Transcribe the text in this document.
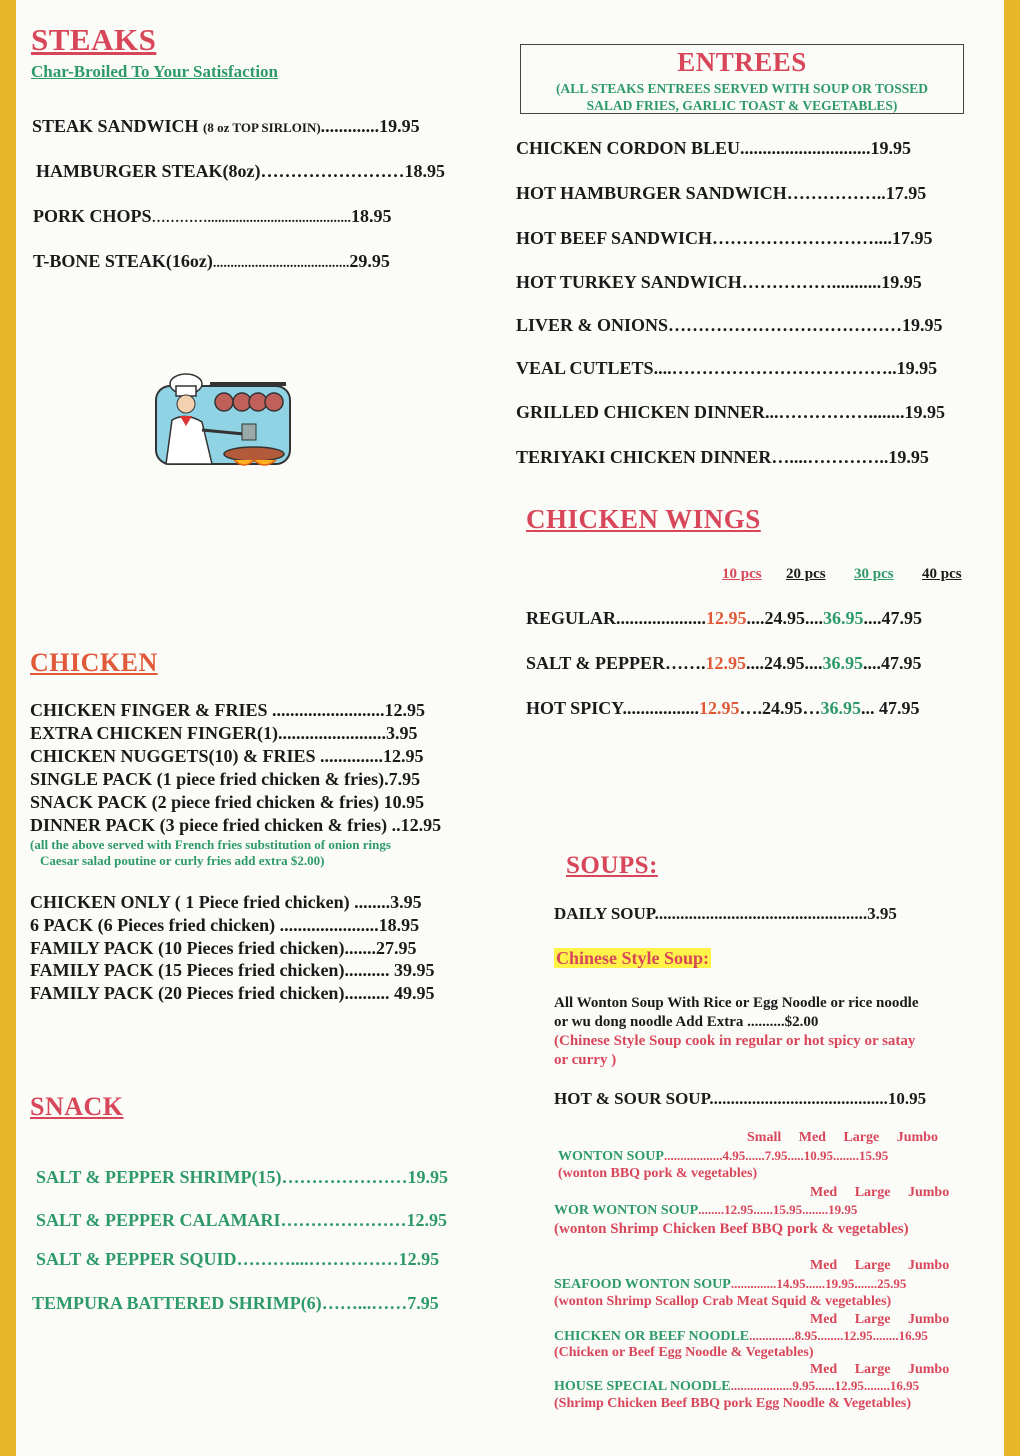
STEAKS
Char-Broiled To Your Satisfaction
STEAK SANDWICH (8 oz TOP SIRLOIN).............19.95
HAMBURGER STEAK(8oz)……………………18.95
PORK CHOPS………….........................................18.95
T-BONE STEAK(16oz).......................................29.95
ENTREES
(ALL STEAKS ENTREES SERVED WITH SOUP OR TOSSED
SALAD FRIES, GARLIC TOAST & VEGETABLES)
CHICKEN CORDON BLEU.............................19.95
HOT HAMBURGER SANDWICH……………..17.95
HOT BEEF SANDWICH………………………....17.95
HOT TURKEY SANDWICH……………...........19.95
LIVER & ONIONS…………………………………19.95
VEAL CUTLETS....………………………………..19.95
GRILLED CHICKEN DINNER...……………........19.95
TERIYAKI CHICKEN DINNER…....…………..19.95
CHICKEN WINGS
10 pcs 20 pcs 30 pcs 40 pcs
REGULAR....................12.95....24.95....36.95....47.95
SALT & PEPPER…….12.95....24.95....36.95....47.95
HOT SPICY.................12.95….24.95…36.95... 47.95
CHICKEN
CHICKEN FINGER & FRIES .........................12.95
EXTRA CHICKEN FINGER(1)........................3.95
CHICKEN NUGGETS(10) & FRIES ..............12.95
SINGLE PACK (1 piece fried chicken & fries).7.95
SNACK PACK (2 piece fried chicken & fries) 10.95
DINNER PACK (3 piece fried chicken & fries) ..12.95
(all the above served with French fries substitution of onion rings
Caesar salad poutine or curly fries add extra $2.00)
CHICKEN ONLY ( 1 Piece fried chicken) ........3.95
6 PACK (6 Pieces fried chicken) ......................18.95
FAMILY PACK (10 Pieces fried chicken).......27.95
FAMILY PACK (15 Pieces fried chicken).......... 39.95
FAMILY PACK (20 Pieces fried chicken).......... 49.95
SNACK
SALT & PEPPER SHRIMP(15)…………………19.95
SALT & PEPPER CALAMARI…………………12.95
SALT & PEPPER SQUID………....……………12.95
TEMPURA BATTERED SHRIMP(6)……...……7.95
SOUPS:
DAILY SOUP..................................................3.95
Chinese Style Soup:
All Wonton Soup With Rice or Egg Noodle or rice noodle
or wu dong noodle Add Extra ..........$2.00
(Chinese Style Soup cook in regular or hot spicy or satay
or curry )
HOT & SOUR SOUP..........................................10.95
Small Med Large Jumbo
WONTON SOUP..................4.95......7.95.....10.95........15.95
(wonton BBQ pork & vegetables)
Med Large Jumbo
WOR WONTON SOUP........12.95......15.95........19.95
(wonton Shrimp Chicken Beef BBQ pork & vegetables)
Med Large Jumbo
SEAFOOD WONTON SOUP..............14.95......19.95.......25.95
(wonton Shrimp Scallop Crab Meat Squid & vegetables)
Med Large Jumbo
CHICKEN OR BEEF NOODLE..............8.95........12.95........16.95
(Chicken or Beef Egg Noodle & Vegetables)
Med Large Jumbo
HOUSE SPECIAL NOODLE...................9.95......12.95........16.95
(Shrimp Chicken Beef BBQ pork Egg Noodle & Vegetables)
